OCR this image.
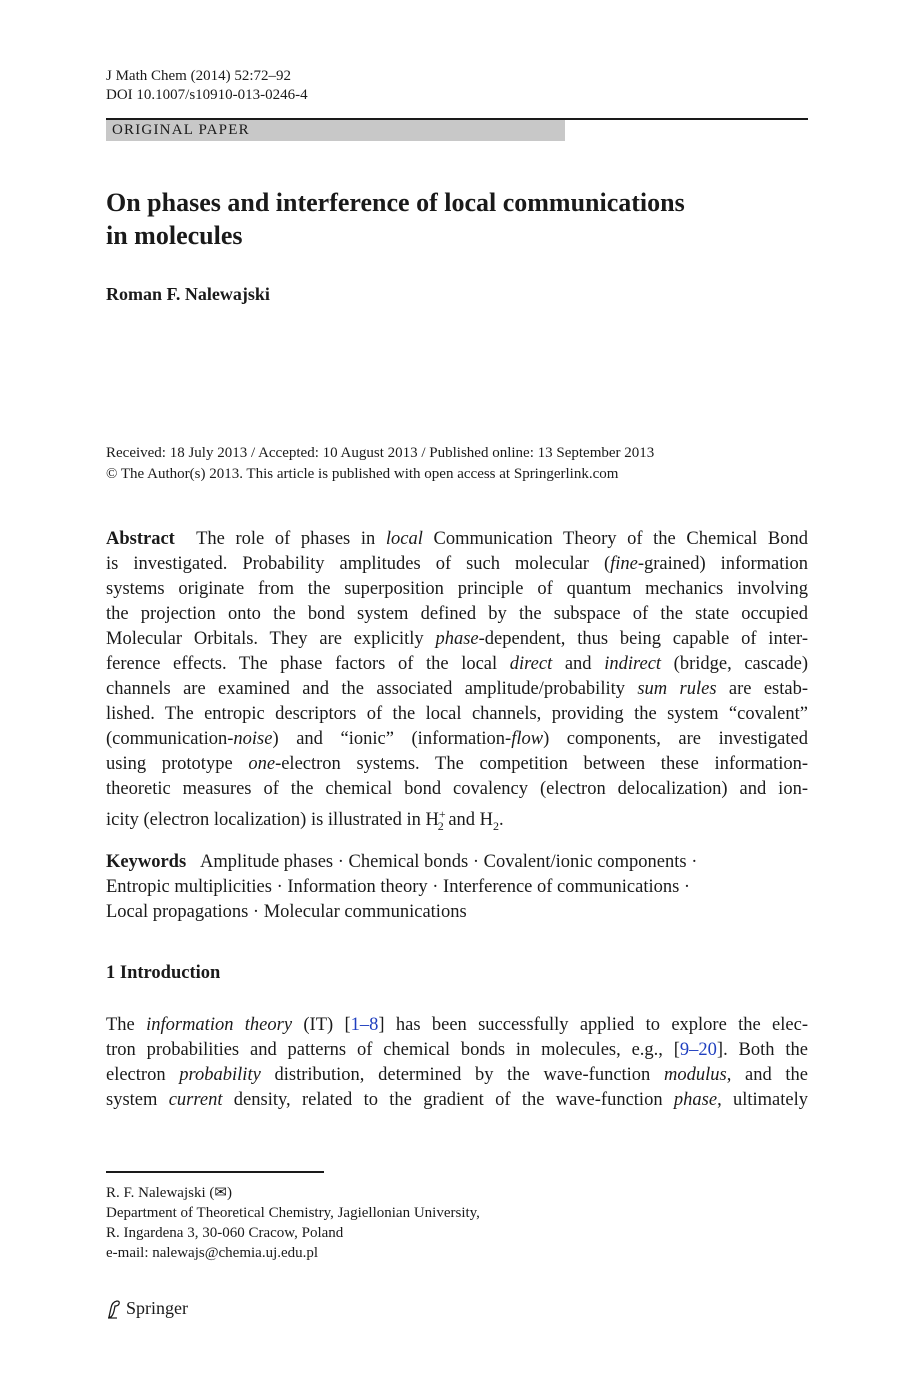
J Math Chem (2014) 52:72–92
DOI 10.1007/s10910-013-0246-4
ORIGINAL PAPER
On phases and interference of local communications
in molecules
Roman F. Nalewajski
Received: 18 July 2013 / Accepted: 10 August 2013 / Published online: 13 September 2013
© The Author(s) 2013. This article is published with open access at Springerlink.com
Abstract The role of phases in local Communication Theory of the Chemical Bond
is investigated. Probability amplitudes of such molecular (fine-grained) information
systems originate from the superposition principle of quantum mechanics involving
the projection onto the bond system defined by the subspace of the state occupied
Molecular Orbitals. They are explicitly phase-dependent, thus being capable of inter-
ference effects. The phase factors of the local direct and indirect (bridge, cascade)
channels are examined and the associated amplitude/probability sum rules are estab-
lished. The entropic descriptors of the local channels, providing the system “covalent”
(communication-noise) and “ionic” (information-flow) components, are investigated
using prototype one-electron systems. The competition between these information-
theoretic measures of the chemical bond covalency (electron delocalization) and ion-
icity (electron localization) is illustrated in $H^+_2$ and $H_2$.
Keywords Amplitude phases · Chemical bonds · Covalent/ionic components ·
Entropic multiplicities · Information theory · Interference of communications ·
Local propagations · Molecular communications
1 Introduction
The information theory (IT) [1–8] has been successfully applied to explore the elec-
tron probabilities and patterns of chemical bonds in molecules, e.g., [9–20]. Both the
electron probability distribution, determined by the wave-function modulus, and the
system current density, related to the gradient of the wave-function phase, ultimately
R. F. Nalewajski (✉)
Department of Theoretical Chemistry, Jagiellonian University,
R. Ingardena 3, 30-060 Cracow, Poland
e-mail: nalewajs@chemia.uj.edu.pl
Springer
